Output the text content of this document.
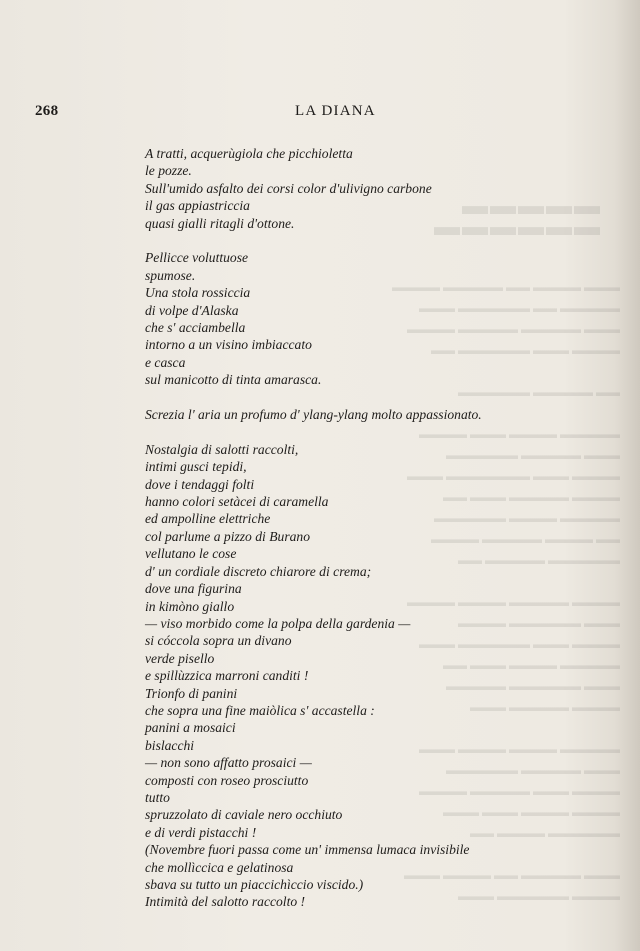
▬▬▬▬▬ ▬▬▬▬▬▬
▬▬▬ ▬▬▬▬ ▬▬ ▬▬▬▬▬ ▬▬▬▬
▬▬▬▬▬ ▬▬ ▬▬▬▬▬▬ ▬▬▬
▬▬▬ ▬▬▬▬▬ ▬▬▬▬▬ ▬▬▬▬
▬▬▬▬ ▬▬▬ ▬▬▬▬▬▬ ▬▬

▬▬ ▬▬▬▬▬ ▬▬▬▬▬▬

▬▬▬▬▬ ▬▬▬▬ ▬▬▬ ▬▬▬▬
▬▬▬ ▬▬▬▬▬ ▬▬▬▬▬▬
▬▬▬▬ ▬▬▬ ▬▬▬▬▬▬▬ ▬▬▬
▬▬▬▬ ▬▬▬▬▬ ▬▬▬ ▬▬
▬▬▬▬▬ ▬▬▬▬ ▬▬▬▬▬▬
▬▬ ▬▬▬▬ ▬▬▬▬▬ ▬▬▬▬
▬▬▬▬▬▬ ▬▬▬▬▬ ▬▬

▬▬▬▬ ▬▬▬▬▬ ▬▬▬▬ ▬▬▬▬
▬▬▬ ▬▬▬▬▬▬ ▬▬▬▬
▬▬▬▬ ▬▬▬ ▬▬▬▬▬▬ ▬▬▬
▬▬▬▬▬ ▬▬▬▬ ▬▬▬ ▬▬
▬▬▬ ▬▬▬▬▬▬ ▬▬▬▬▬
▬▬▬▬ ▬▬▬▬▬ ▬▬▬

▬▬▬▬▬ ▬▬▬▬ ▬▬▬▬ ▬▬▬
▬▬▬ ▬▬▬▬▬ ▬▬▬▬▬▬
▬▬▬▬ ▬▬▬ ▬▬▬▬▬ ▬▬▬▬
▬▬▬▬ ▬▬▬▬ ▬▬▬ ▬▬▬
▬▬▬▬▬▬ ▬▬▬▬ ▬▬

▬▬▬ ▬▬▬▬▬ ▬▬ ▬▬▬▬ ▬▬▬
▬▬▬▬ ▬▬▬▬▬▬ ▬▬▬
268	LA DIANA
A tratti, acquerùgiola che picchioletta
le pozze.
Sull'umido asfalto dei corsi color d'ulivigno carbone
il gas appiastriccia
quasi gialli ritagli d'ottone.
Pellicce voluttuose
spumose.
Una stola rossiccia
di volpe d'Alaska
che s' acciambella
intorno a un visino imbiaccato
e casca
sul manicotto di tinta amarasca.
Screzia l' aria un profumo d' ylang-ylang molto appassionato.
Nostalgia di salotti raccolti,
intimi gusci tepidi,
dove i tendaggi folti
hanno colori setàcei di caramella
ed ampolline elettriche
col parlume a pizzo di Burano
vellutano le cose
d' un cordiale discreto chiarore di crema;
dove una figurina
in kimòno giallo
— viso morbido come la polpa della gardenia —
si cóccola sopra un divano
verde pisello
e spillùzzica marroni canditi !
Trionfo di panini
che sopra una fine maiòlica s' accastella :
panini a mosaici
bislacchi
— non sono affatto prosaici —
composti con roseo prosciutto
tutto
spruzzolato di caviale nero occhiuto
e di verdi pistacchi !
(Novembre fuori passa come un' immensa lumaca invisibile
che mollìccica e gelatinosa
sbava su tutto un piaccichìccio viscido.)
Intimità del salotto raccolto !
